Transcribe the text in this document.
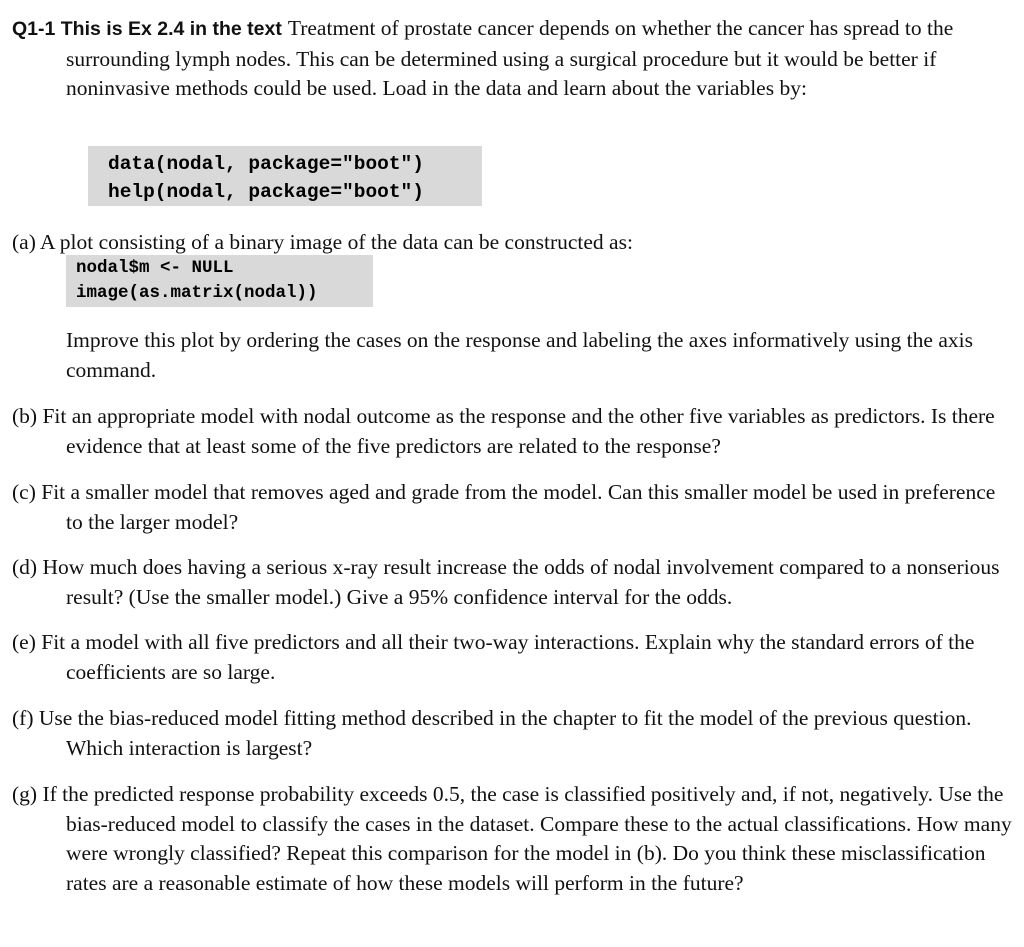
Q1-1 This is Ex 2.4 in the text Treatment of prostate cancer depends on whether the cancer has spread to the surrounding lymph nodes. This can be determined using a surgical procedure but it would be better if noninvasive methods could be used. Load in the data and learn about the variables by:

data(nodal, package="boot")
help(nodal, package="boot")

(a) A plot consisting of a binary image of the data can be constructed as:

nodal$m <- NULL
image(as.matrix(nodal))

Improve this plot by ordering the cases on the response and labeling the axes informatively using the axis command.

(b) Fit an appropriate model with nodal outcome as the response and the other five variables as predictors. Is there evidence that at least some of the five predictors are related to the response?

(c) Fit a smaller model that removes aged and grade from the model. Can this smaller model be used in preference to the larger model?

(d) How much does having a serious x-ray result increase the odds of nodal involvement compared to a nonserious result? (Use the smaller model.) Give a 95% confidence interval for the odds.

(e) Fit a model with all five predictors and all their two-way interactions. Explain why the standard errors of the coefficients are so large.

(f) Use the bias-reduced model fitting method described in the chapter to fit the model of the previous question. Which interaction is largest?

(g) If the predicted response probability exceeds 0.5, the case is classified positively and, if not, negatively. Use the bias-reduced model to classify the cases in the dataset. Compare these to the actual classifications. How many were wrongly classified? Repeat this comparison for the model in (b). Do you think these misclassification rates are a reasonable estimate of how these models will perform in the future?
